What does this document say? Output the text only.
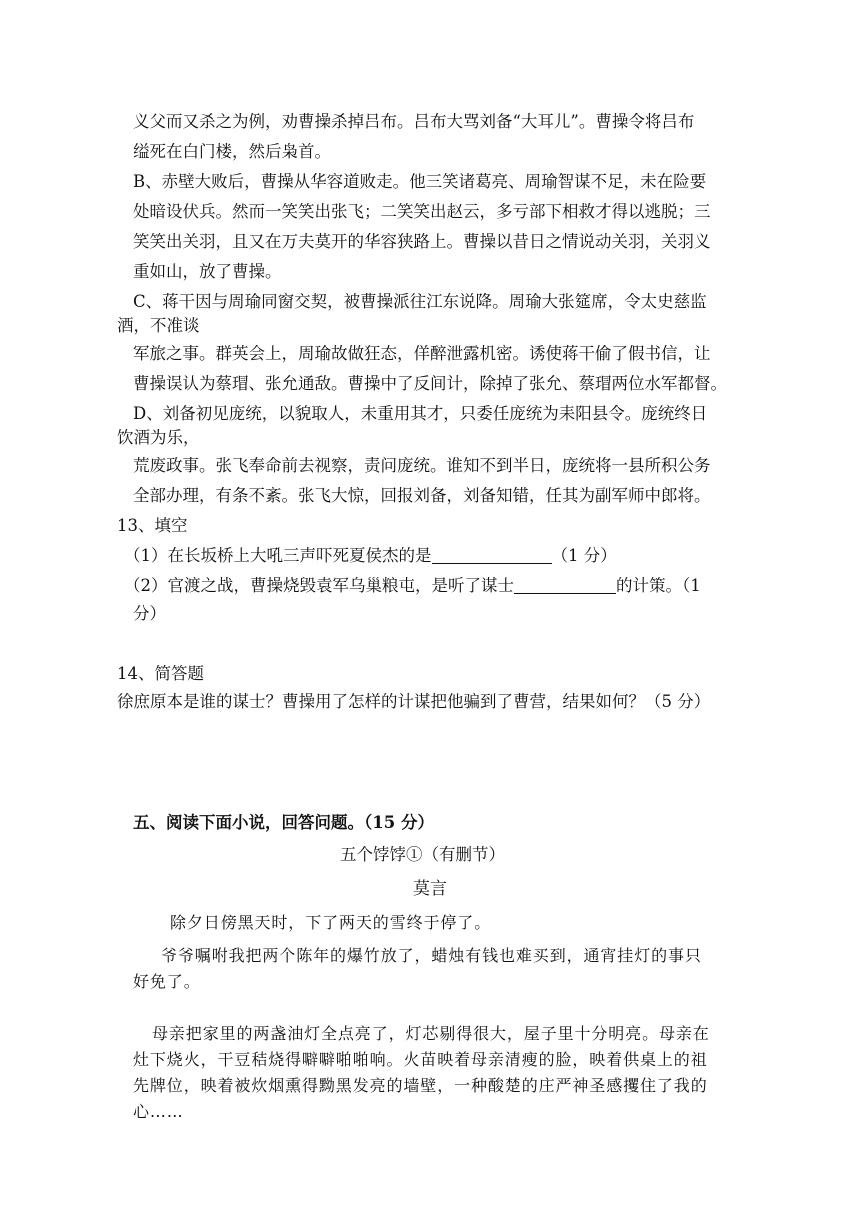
义父而又杀之为例，劝曹操杀掉吕布。吕布大骂刘备“大耳儿”。曹操令将吕布
缢死在白门楼，然后枭首。
B、赤壁大败后，曹操从华容道败走。他三笑诸葛亮、周瑜智谋不足，未在险要
处暗设伏兵。然而一笑笑出张飞；二笑笑出赵云，多亏部下相救才得以逃脱；三
笑笑出关羽，且又在万夫莫开的华容狭路上。曹操以昔日之情说动关羽，关羽义
重如山，放了曹操。
C、蒋干因与周瑜同窗交契，被曹操派往江东说降。周瑜大张筵席，令太史慈监
酒，不准谈
军旅之事。群英会上，周瑜故做狂态，佯醉泄露机密。诱使蒋干偷了假书信，让
曹操误认为蔡瑁、张允通敌。曹操中了反间计，除掉了张允、蔡瑁两位水军都督。
D、刘备初见庞统，以貌取人，未重用其才，只委任庞统为耒阳县令。庞统终日
饮酒为乐，
荒废政事。张飞奉命前去视察，责问庞统。谁知不到半日，庞统将一县所积公务
全部办理，有条不紊。张飞大惊，回报刘备，刘备知错，任其为副军师中郎将。
13、填空
（1）在长坂桥上大吼三声吓死夏侯杰的是	（1 分）
（2）官渡之战，曹操烧毁袁军乌巢粮屯，是听了谋士	的计策。（1
分）
14、简答题
徐庶原本是谁的谋士？曹操用了怎样的计谋把他骗到了曹营，结果如何？（5 分）
五、阅读下面小说，回答问题。（15 分）
五个饽饽①（有删节）
莫言
除夕日傍黑天时，下了两天的雪终于停了。
爷爷嘱咐我把两个陈年的爆竹放了，蜡烛有钱也难买到，通宵挂灯的事只
好免了。
母亲把家里的两盏油灯全点亮了，灯芯剔得很大，屋子里十分明亮。母亲在
灶下烧火，干豆秸烧得噼噼啪啪响。火苗映着母亲清瘦的脸，映着供桌上的祖
先牌位，映着被炊烟熏得黝黑发亮的墙壁，一种酸楚的庄严神圣感攫住了我的
心……
